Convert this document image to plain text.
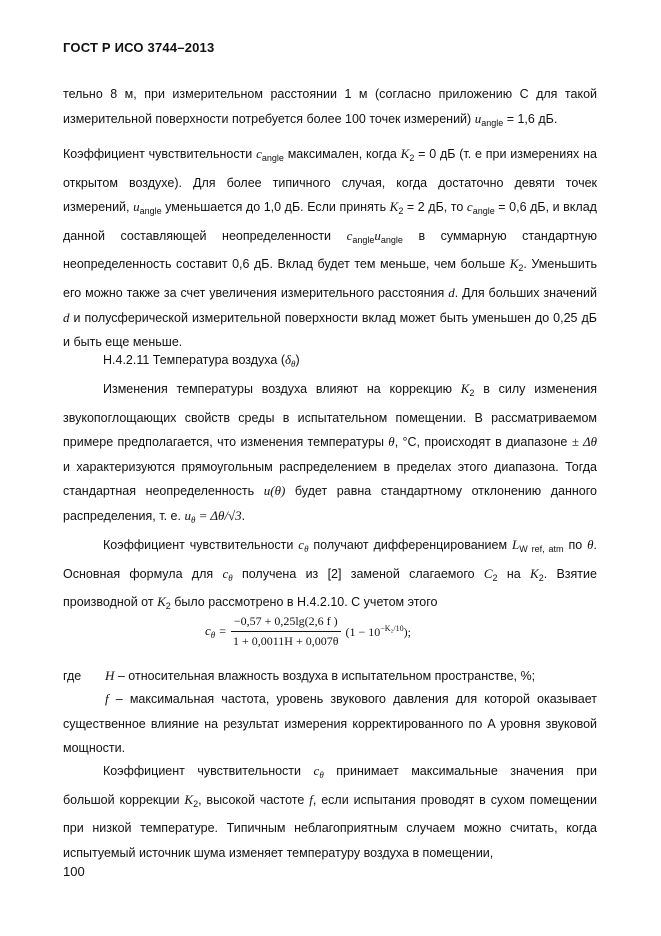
ГОСТ Р ИСО 3744–2013

тельно 8 м, при измерительном расстоянии 1 м (согласно приложению C для такой измерительной поверхности потребуется более 100 точек измерений) $u_{angle} = 1,6$ дБ.

Коэффициент чувствительности $c_{angle}$ максимален, когда $K_2 = 0$ дБ (т. е при измерениях на открытом воздухе). Для более типичного случая, когда достаточно девяти точек измерений, $u_{angle}$ уменьшается до 1,0 дБ. Если принять $K_2 = 2$ дБ, то $c_{angle} = 0,6$ дБ, и вклад данной составляющей неопределенности $c_{angle}u_{angle}$ в суммарную стандартную неопределенность составит 0,6 дБ. Вклад будет тем меньше, чем больше $K_2$. Уменьшить его можно также за счет увеличения измерительного расстояния d. Для больших значений d и полусферической измерительной поверхности вклад может быть уменьшен до 0,25 дБ и быть еще меньше.

Н.4.2.11 Температура воздуха $(\delta_\theta)$

Изменения температуры воздуха влияют на коррекцию $K_2$ в силу изменения звукопоглощающих свойств среды в испытательном помещении. В рассматриваемом примере предполагается, что изменения температуры θ, °C, происходят в диапазоне ± Δθ и характеризуются прямоугольным распределением в пределах этого диапазона. Тогда стандартная неопределенность u(θ) будет равна стандартному отклонению данного распределения, т. е. $u_\theta = \Delta\theta/√3$.

Коэффициент чувствительности $c_\theta$ получают дифференцированием $L_{W ref, atm}$ по θ. Основная формула для $c_\theta$ получена из [2] заменой слагаемого $C_2$ на $K_2$. Взятие производной от $K_2$ было рассмотрено в Н.4.2.10. С учетом этого

$c_\theta = \frac{-0,57 + 0,25\lg(2,6 f )}{1 + 0,0011H + 0,007\theta} (1 - 10^{-K_2/10})$;
где H – относительная влажность воздуха в испытательном пространстве, %;

f – максимальная частота, уровень звукового давления для которой оказывает существенное влияние на результат измерения корректированного по A уровня звуковой мощности.

Коэффициент чувствительности $c_\theta$ принимает максимальные значения при большой коррекции $K_2$, высокой частоте f, если испытания проводят в сухом помещении при низкой температуре. Типичным неблагоприятным случаем можно считать, когда испытуемый источник шума изменяет температуру воздуха в помещении,

100
